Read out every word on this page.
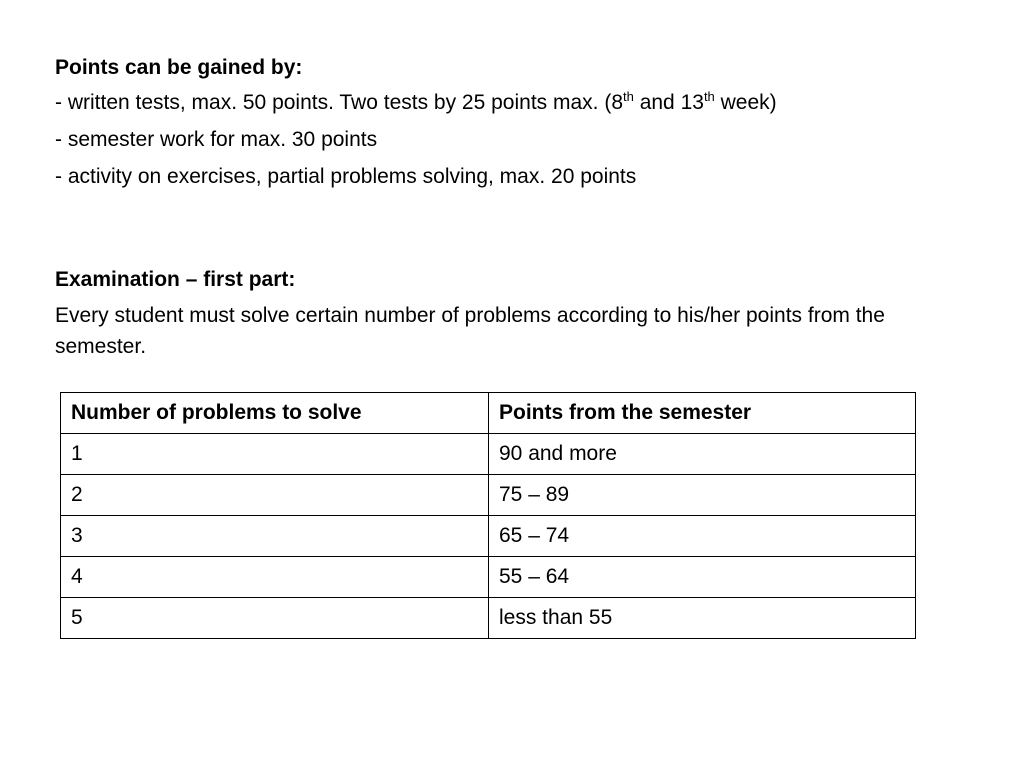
Points can be gained by:

- written tests, max. 50 points. Two tests by 25 points max. (8th and 13th week)

- semester work for max. 30 points

- activity on exercises, partial problems solving, max. 20 points

Examination – first part:

Every student must solve certain number of problems according to his/her points from the semester.

Number of problems to solve	Points from the semester
1	90 and more
2	75 – 89
3	65 – 74
4	55 – 64
5	less than 55
